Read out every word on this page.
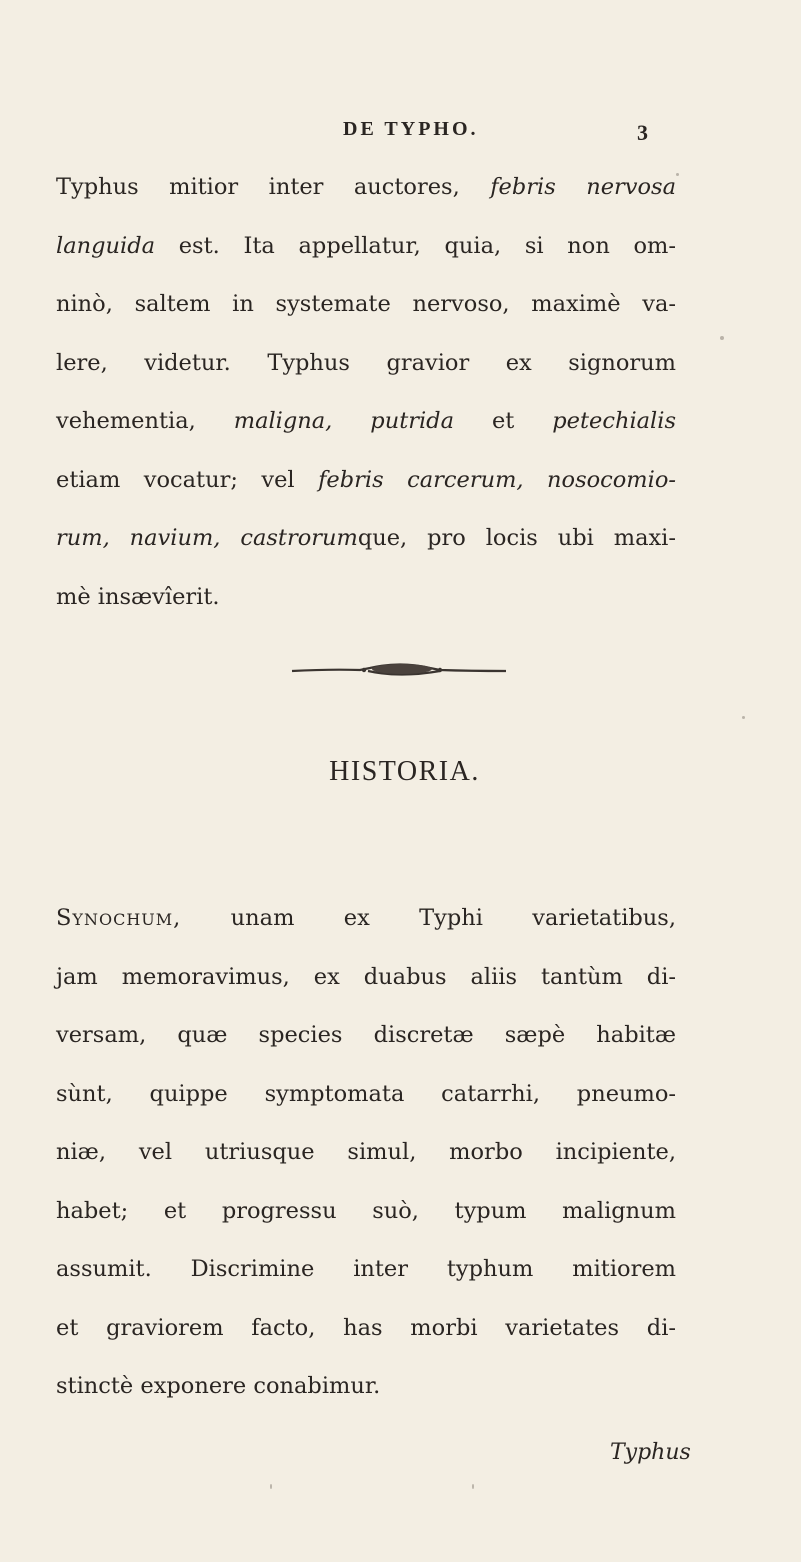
DE TYPHO.	3
Typhus mitior inter auctores, febris nervosa
languida est. Ita appellatur, quia, si non om-
ninò, saltem in systemate nervoso, maximè va-
lere, videtur. Typhus gravior ex signorum
vehementia, maligna, putrida et petechialis
etiam vocatur; vel febris carcerum, nosocomio-
rum, navium, castrorumque, pro locis ubi maxi-
mè insævîerit.
HISTORIA.
Synochum, unam ex Typhi varietatibus,
jam memoravimus, ex duabus aliis tantùm di-
versam, quæ species discretæ sæpè habitæ
sùnt, quippe symptomata catarrhi, pneumo-
niæ, vel utriusque simul, morbo incipiente,
habet; et progressu suò, typum malignum
assumit. Discrimine inter typhum mitiorem
et graviorem facto, has morbi varietates di-
stinctè exponere conabimur.
Typhus
